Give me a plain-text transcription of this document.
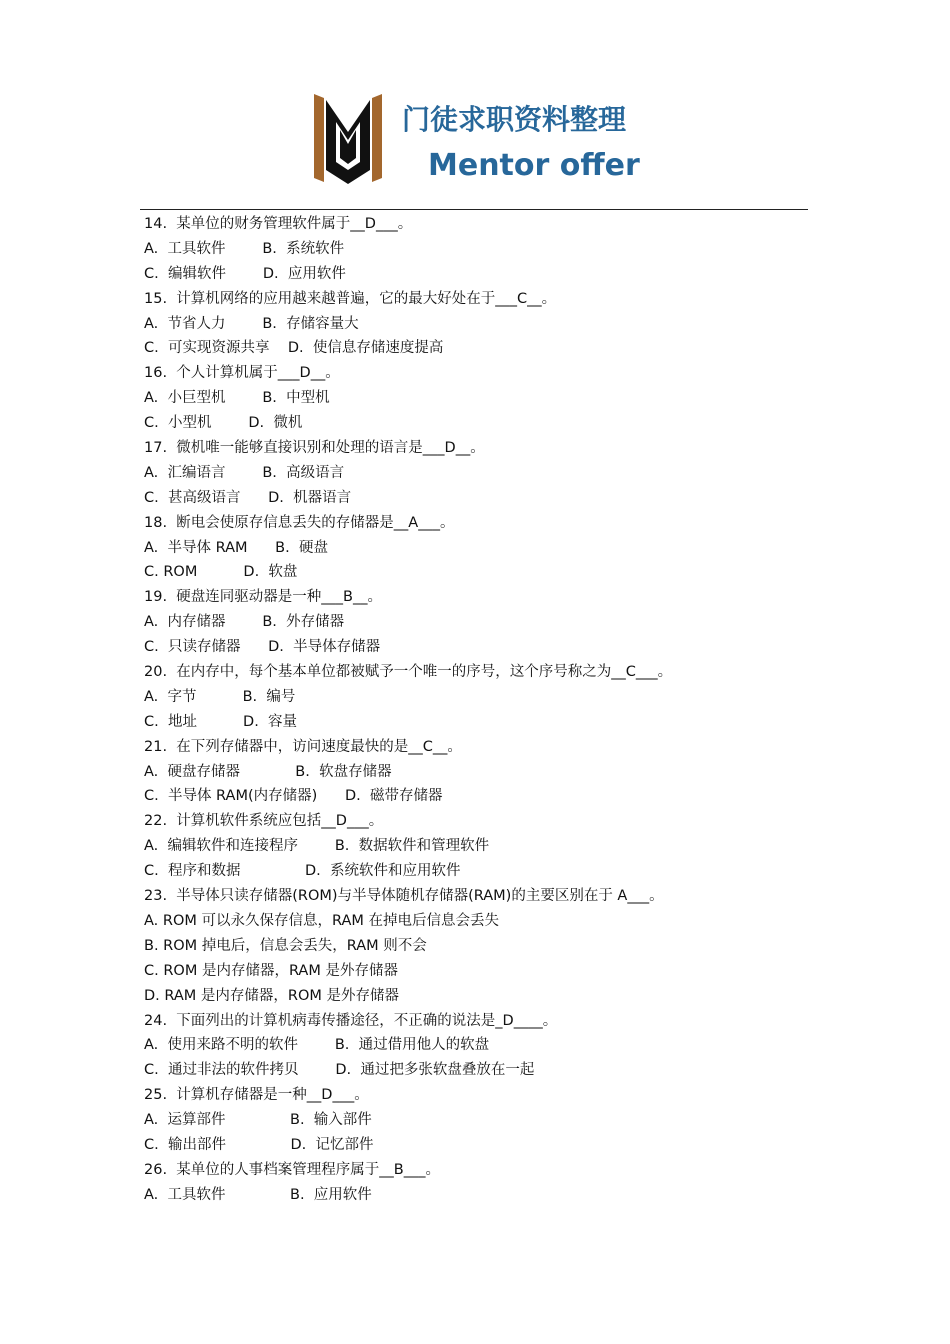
门徒求职资料整理
Mentor offer
14.  某单位的财务管理软件属于__D___。
A.  工具软件        B.  系统软件
C.  编辑软件        D.  应用软件
15.  计算机网络的应用越来越普遍，它的最大好处在于___C__。
A.  节省人力        B.  存储容量大
C.  可实现资源共享    D.  使信息存储速度提高
16.  个人计算机属于___D__。
A.  小巨型机        B.  中型机
C.  小型机        D.  微机
17.  微机唯一能够直接识别和处理的语言是___D__。
A.  汇编语言        B.  高级语言
C.  甚高级语言      D.  机器语言
18.  断电会使原存信息丢失的存储器是__A___。
A.  半导体 RAM      B.  硬盘
C. ROM          D.  软盘
19.  硬盘连同驱动器是一种___B__。
A.  内存储器        B.  外存储器
C.  只读存储器      D.  半导体存储器
20.  在内存中，每个基本单位都被赋予一个唯一的序号，这个序号称之为__C___。
A.  字节          B.  编号
C.  地址          D.  容量
21.  在下列存储器中，访问速度最快的是__C__。
A.  硬盘存储器            B.  软盘存储器
C.  半导体 RAM(内存储器)      D.  磁带存储器
22.  计算机软件系统应包括__D___。
A.  编辑软件和连接程序        B.  数据软件和管理软件
C.  程序和数据              D.  系统软件和应用软件
23.  半导体只读存储器(ROM)与半导体随机存储器(RAM)的主要区别在于 A___。
A. ROM 可以永久保存信息，RAM 在掉电后信息会丢失
B. ROM 掉电后，信息会丢失，RAM 则不会
C. ROM 是内存储器，RAM 是外存储器
D. RAM 是内存储器，ROM 是外存储器
24.  下面列出的计算机病毒传播途径，不正确的说法是_D____。
A.  使用来路不明的软件        B.  通过借用他人的软盘
C.  通过非法的软件拷贝        D.  通过把多张软盘叠放在一起
25.  计算机存储器是一种__D___。
A.  运算部件              B.  输入部件
C.  输出部件              D.  记忆部件
26.  某单位的人事档案管理程序属于__B___。
A.  工具软件              B.  应用软件
